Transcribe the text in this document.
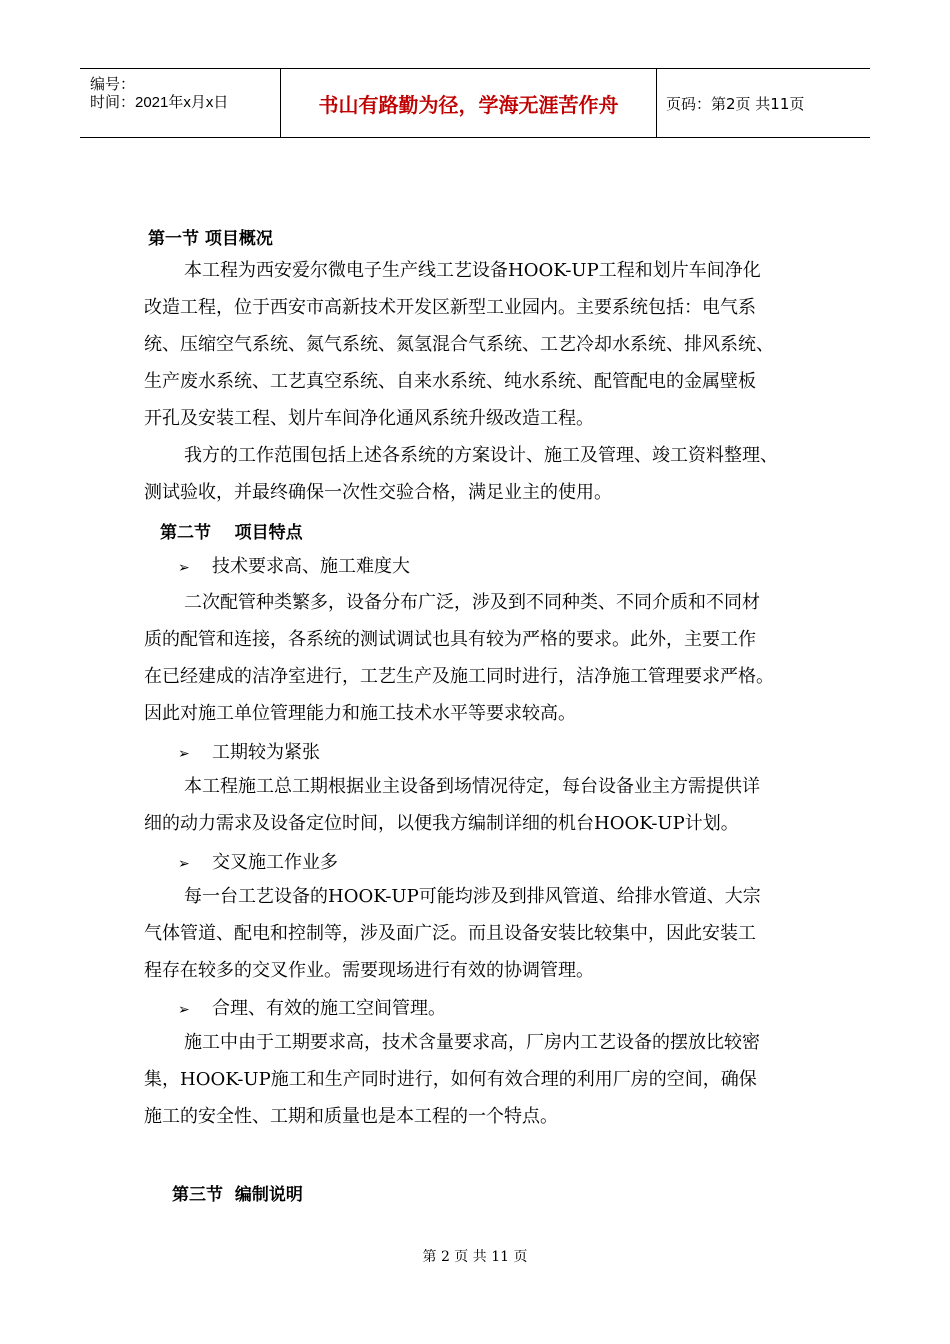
编号：
时间：2021年x月x日	书山有路勤为径，学海无涯苦作舟	页码：第2页 共11页
第一节 项目概况
本工程为西安爱尔微电子生产线工艺设备HOOK-UP工程和划片车间净化
改造工程，位于西安市高新技术开发区新型工业园内。主要系统包括：电气系
统、压缩空气系统、氮气系统、氮氢混合气系统、工艺冷却水系统、排风系统、
生产废水系统、工艺真空系统、自来水系统、纯水系统、配管配电的金属壁板
开孔及安装工程、划片车间净化通风系统升级改造工程。
我方的工作范围包括上述各系统的方案设计、施工及管理、竣工资料整理、
测试验收，并最终确保一次性交验合格，满足业主的使用。
第二节    项目特点
➢ 技术要求高、施工难度大
二次配管种类繁多，设备分布广泛，涉及到不同种类、不同介质和不同材
质的配管和连接，各系统的测试调试也具有较为严格的要求。此外，主要工作
在已经建成的洁净室进行，工艺生产及施工同时进行，洁净施工管理要求严格。
因此对施工单位管理能力和施工技术水平等要求较高。
➢ 工期较为紧张
本工程施工总工期根据业主设备到场情况待定，每台设备业主方需提供详
细的动力需求及设备定位时间，以便我方编制详细的机台HOOK-UP计划。
➢ 交叉施工作业多
每一台工艺设备的HOOK-UP可能均涉及到排风管道、给排水管道、大宗
气体管道、配电和控制等，涉及面广泛。而且设备安装比较集中，因此安装工
程存在较多的交叉作业。需要现场进行有效的协调管理。
➢ 合理、有效的施工空间管理。
施工中由于工期要求高，技术含量要求高，厂房内工艺设备的摆放比较密
集，HOOK-UP施工和生产同时进行，如何有效合理的利用厂房的空间，确保
施工的安全性、工期和质量也是本工程的一个特点。
第三节  编制说明
第 2 页 共 11 页
